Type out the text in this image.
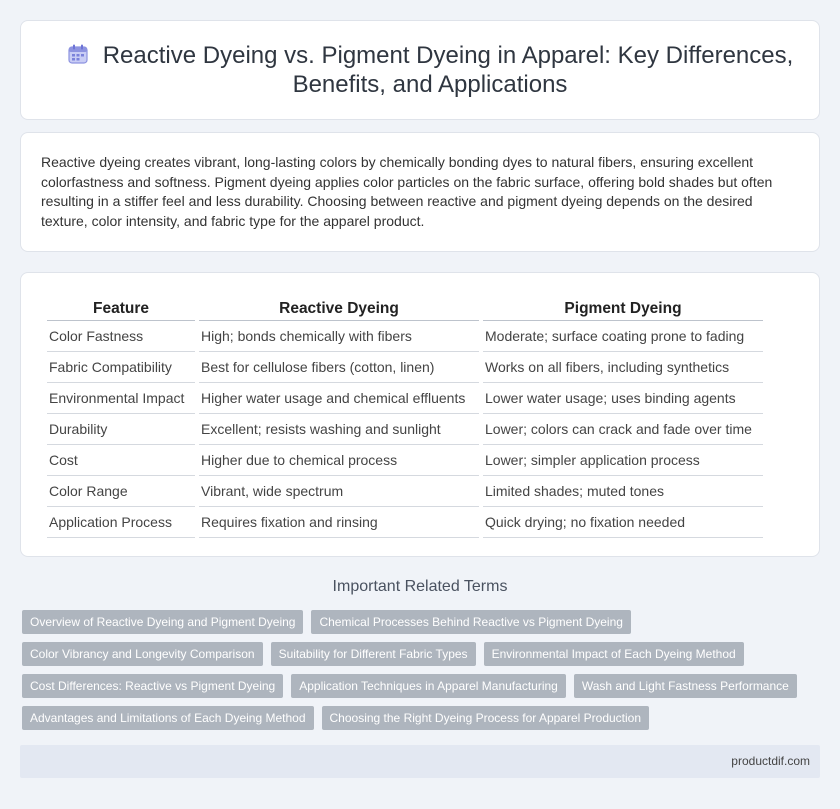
Reactive Dyeing vs. Pigment Dyeing in Apparel: Key Differences, Benefits, and Applications

Reactive dyeing creates vibrant, long-lasting colors by chemically bonding dyes to natural fibers, ensuring excellent colorfastness and softness. Pigment dyeing applies color particles on the fabric surface, offering bold shades but often resulting in a stiffer feel and less durability. Choosing between reactive and pigment dyeing depends on the desired texture, color intensity, and fabric type for the apparel product.

Feature	Reactive Dyeing	Pigment Dyeing
Color Fastness	High; bonds chemically with fibers	Moderate; surface coating prone to fading
Fabric Compatibility	Best for cellulose fibers (cotton, linen)	Works on all fibers, including synthetics
Environmental Impact	Higher water usage and chemical effluents	Lower water usage; uses binding agents
Durability	Excellent; resists washing and sunlight	Lower; colors can crack and fade over time
Cost	Higher due to chemical process	Lower; simpler application process
Color Range	Vibrant, wide spectrum	Limited shades; muted tones
Application Process	Requires fixation and rinsing	Quick drying; no fixation needed
Important Related Terms
Overview of Reactive Dyeing and Pigment Dyeing	Chemical Processes Behind Reactive vs Pigment Dyeing
Color Vibrancy and Longevity Comparison	Suitability for Different Fabric Types	Environmental Impact of Each Dyeing Method
Cost Differences: Reactive vs Pigment Dyeing	Application Techniques in Apparel Manufacturing	Wash and Light Fastness Performance
Advantages and Limitations of Each Dyeing Method	Choosing the Right Dyeing Process for Apparel Production
productdif.com
